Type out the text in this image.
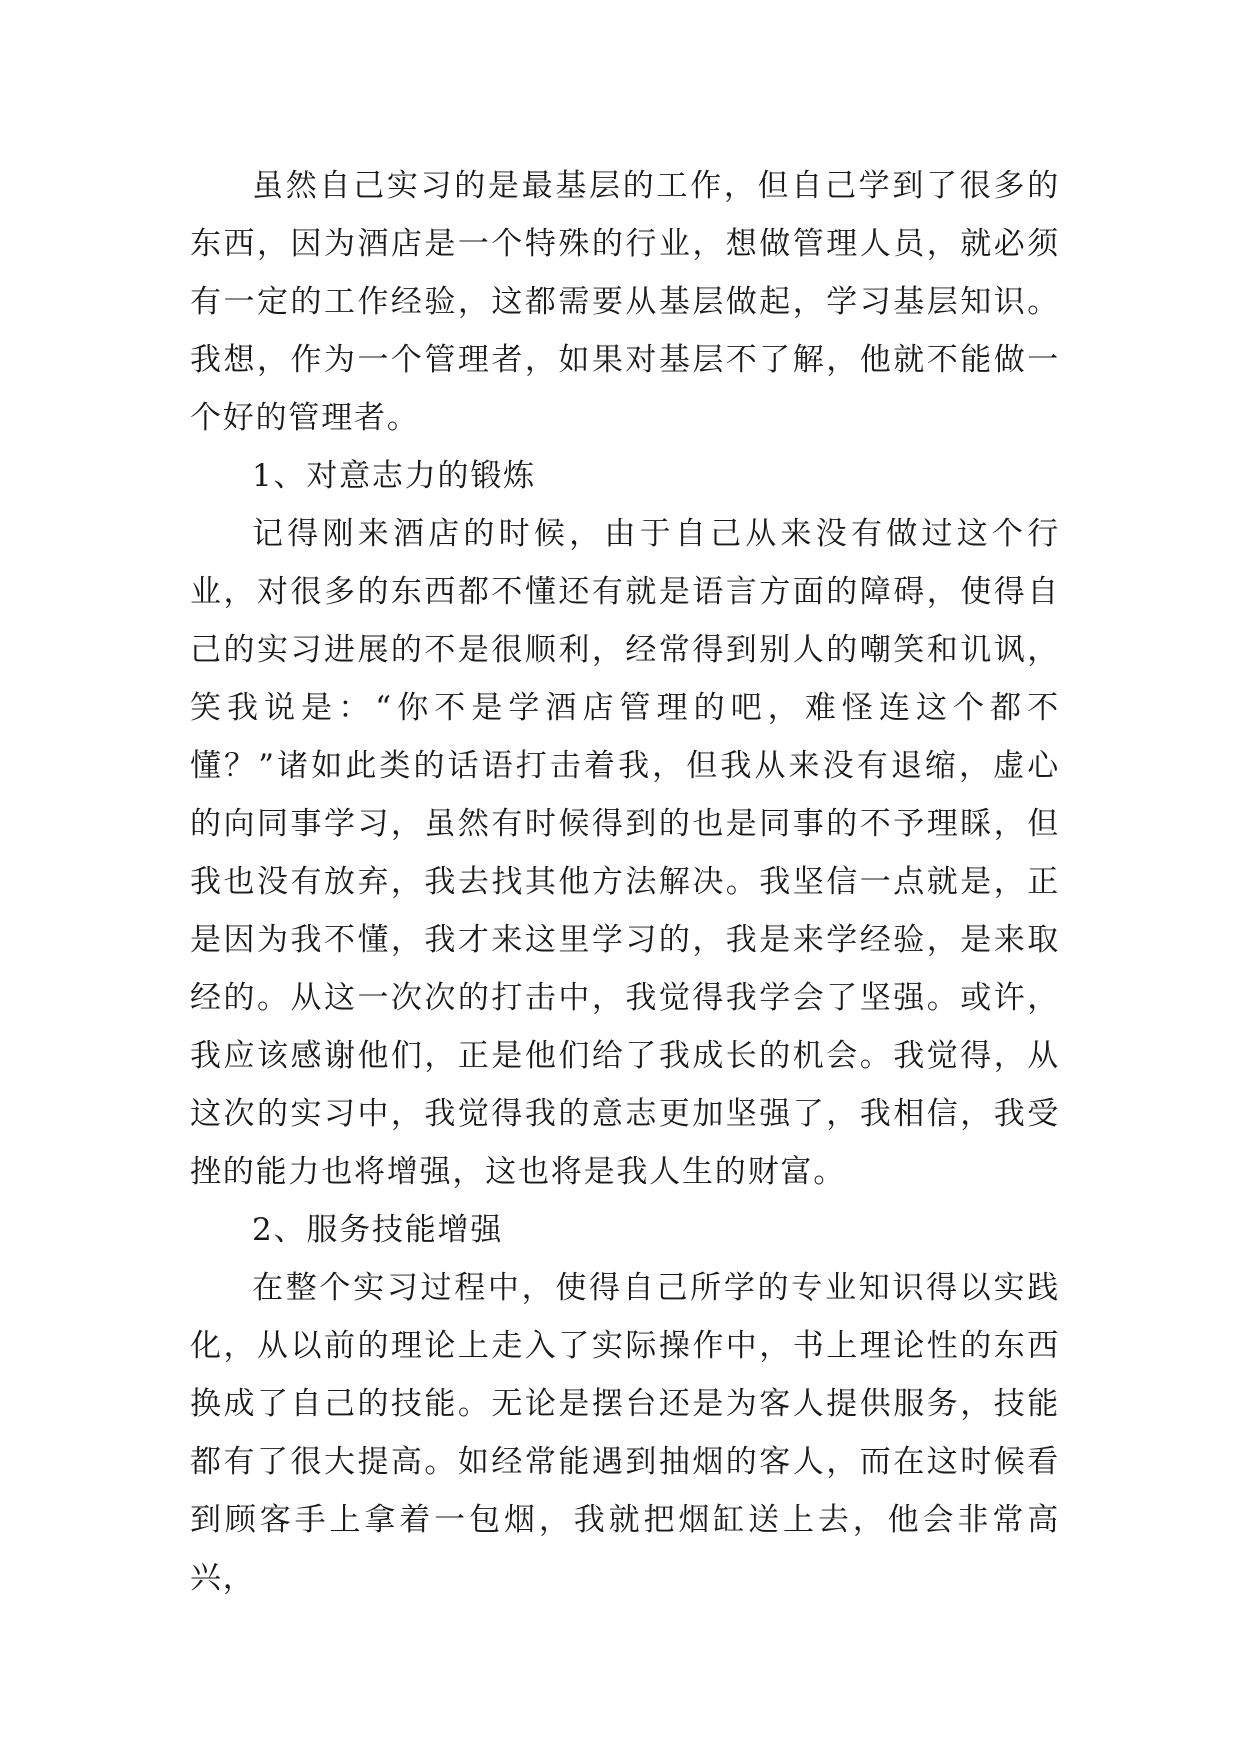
虽然自己实习的是最基层的工作，但自己学到了很多的东西，因为酒店是一个特殊的行业，想做管理人员，就必须有一定的工作经验，这都需要从基层做起，学习基层知识。我想，作为一个管理者，如果对基层不了解，他就不能做一个好的管理者。

1、对意志力的锻炼

记得刚来酒店的时候，由于自己从来没有做过这个行业，对很多的东西都不懂还有就是语言方面的障碍，使得自己的实习进展的不是很顺利，经常得到别人的嘲笑和讥讽，笑我说是：“你不是学酒店管理的吧，难怪连这个都不懂？”诸如此类的话语打击着我，但我从来没有退缩，虚心的向同事学习，虽然有时候得到的也是同事的不予理睬，但我也没有放弃，我去找其他方法解决。我坚信一点就是，正是因为我不懂，我才来这里学习的，我是来学经验，是来取经的。从这一次次的打击中，我觉得我学会了坚强。或许，我应该感谢他们，正是他们给了我成长的机会。我觉得，从这次的实习中，我觉得我的意志更加坚强了，我相信，我受挫的能力也将增强，这也将是我人生的财富。

2、服务技能增强

在整个实习过程中，使得自己所学的专业知识得以实践化，从以前的理论上走入了实际操作中，书上理论性的东西换成了自己的技能。无论是摆台还是为客人提供服务，技能都有了很大提高。如经常能遇到抽烟的客人，而在这时候看到顾客手上拿着一包烟，我就把烟缸送上去，他会非常高兴，
